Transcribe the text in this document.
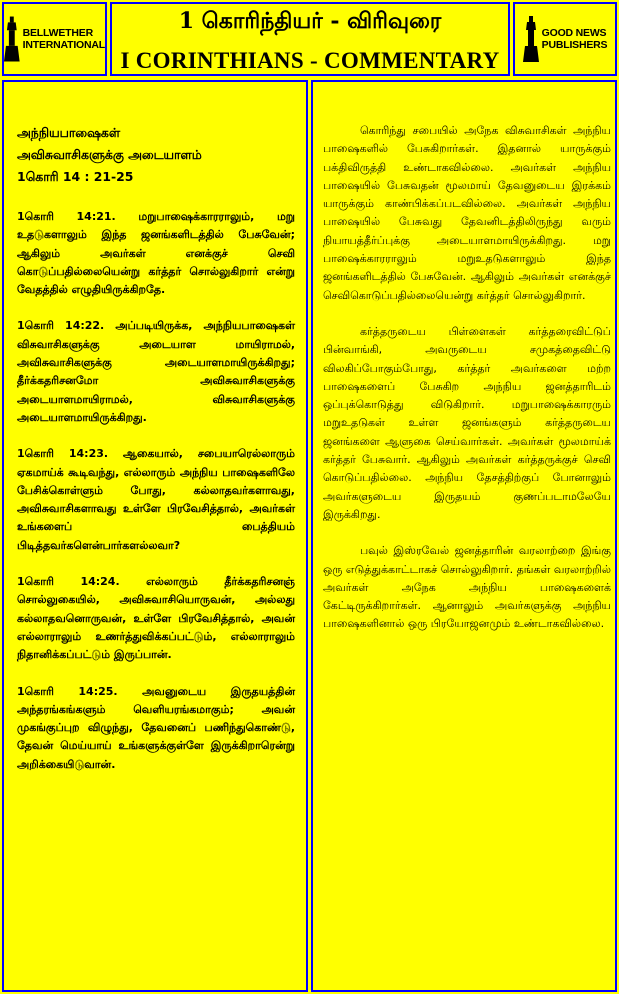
BELLWETHER
INTERNATIONAL
1 கொரிந்தியர் - விரிவுரை
I CORINTHIANS - COMMENTARY
GOOD NEWS
PUBLISHERS
அந்நியபாஷைகள்
அவிசுவாசிகளுக்கு அடையாளம்
1கொரி 14 : 21-25

1கொரி 14:21. மறுபாஷைக்காரராலும், மறு உதடுகளாலும் இந்த ஜனங்களிடத்தில் பேசுவேன்; ஆகிலும் அவர்கள் எனக்குச் செவி கொடுப்பதில்லையென்று கர்த்தர் சொல்லுகிறார் என்று வேதத்தில் எழுதியிருக்கிறதே.

1கொரி 14:22. அப்படியிருக்க, அந்நியபாஷைகள் விசுவாசிகளுக்கு அடையாள மாயிராமல், அவிசுவாசிகளுக்கு அடையாளமாயிருக்கிறது; தீர்க்கதரிசனமோ அவிசுவாசிகளுக்கு அடையாளமாயிராமல், விசுவாசிகளுக்கு அடையாளமாயிருக்கிறது.

1கொரி 14:23. ஆகையால், சபையாரெல்லாரும் ஏகமாய்க் கூடிவந்து, எல்லாரும் அந்நிய பாஷைகளிலே பேசிக்கொள்ளும் போது, கல்லாதவர்களாவது, அவிசுவாசிகளாவது உள்ளே பிரவேசித்தால், அவர்கள் உங்களைப் பைத்தியம் பிடித்தவர்களென்பார்களல்லவா?

1கொரி 14:24. எல்லாரும் தீர்க்கதரிசனஞ் சொல்லுகையில், அவிசுவாசியொருவன், அல்லது கல்லாதவனொருவன், உள்ளே பிரவேசித்தால், அவன் எல்லாராலும் உணர்த்துவிக்கப்பட்டும், எல்லாராலும் நிதானிக்கப்பட்டும் இருப்பான்.

1கொரி 14:25. அவனுடைய இருதயத்தின் அந்தரங்கங்களும் வெளியரங்கமாகும்; அவன் முகங்குப்புற விழுந்து, தேவனைப் பணிந்துகொண்டு, தேவன் மெய்யாய் உங்களுக்குள்ளே இருக்கிறாரென்று அறிக்கையிடுவான்.

கொரிந்து சபையில் அநேக விசுவாசிகள் அந்நிய பாஷைகளில் பேசுகிறார்கள். இதனால் யாருக்கும் பக்திவிருத்தி உண்டாகவில்லை. அவர்கள் அந்நிய பாஷையில் பேசுவதன் மூலமாய் தேவனுடைய இரக்கம் யாருக்கும் காண்பிக்கப்படவில்லை. அவர்கள் அந்நிய பாஷையில் பேசுவது தேவனிடத்திலிருந்து வரும் நியாயத்தீர்ப்புக்கு அடையாளமாயிருக்கிறது. மறு பாஷைக்காரராலும் மறுஉதடுகளாலும் இந்த ஜனங்களிடத்தில் பேசுவேன். ஆகிலும் அவர்கள் எனக்குச் செவிகொடுப்பதில்லையென்று கர்த்தர் சொல்லுகிறார்.

கர்த்தருடைய பிள்ளைகள் கர்த்தரைவிட்டுப் பின்வாங்கி, அவருடைய சமுகத்தைவிட்டு விலகிப்போகும்போது, கர்த்தர் அவர்களை மற்ற பாஷைகளைப் பேசுகிற அந்நிய ஜனத்தாரிடம் ஒப்புக்கொடுத்து விடுகிறார். மறுபாஷைக்காரரும் மறுஉதடுகள் உள்ள ஜனங்களும் கர்த்தருடைய ஜனங்களை ஆளுகை செய்வார்கள். அவர்கள் மூலமாய்க் கர்த்தர் பேசுவார். ஆகிலும் அவர்கள் கர்த்தருக்குச் செவி கொடுப்பதில்லை. அந்நிய தேசத்திற்குப் போனாலும் அவர்களுடைய இருதயம் குணப்படாமலேயே இருக்கிறது.

பவுல் இஸ்ரவேல் ஜனத்தாரின் வரலாற்றை இங்கு ஒரு எடுத்துக்காட்டாகச் சொல்லுகிறார். தங்கள் வரலாற்றில் அவர்கள் அநேக அந்நிய பாஷைகளைக் கேட்டிருக்கிறார்கள். ஆனாலும் அவர்களுக்கு அந்நிய பாஷைகளினால் ஒரு பிரயோஜனமும் உண்டாகவில்லை.
